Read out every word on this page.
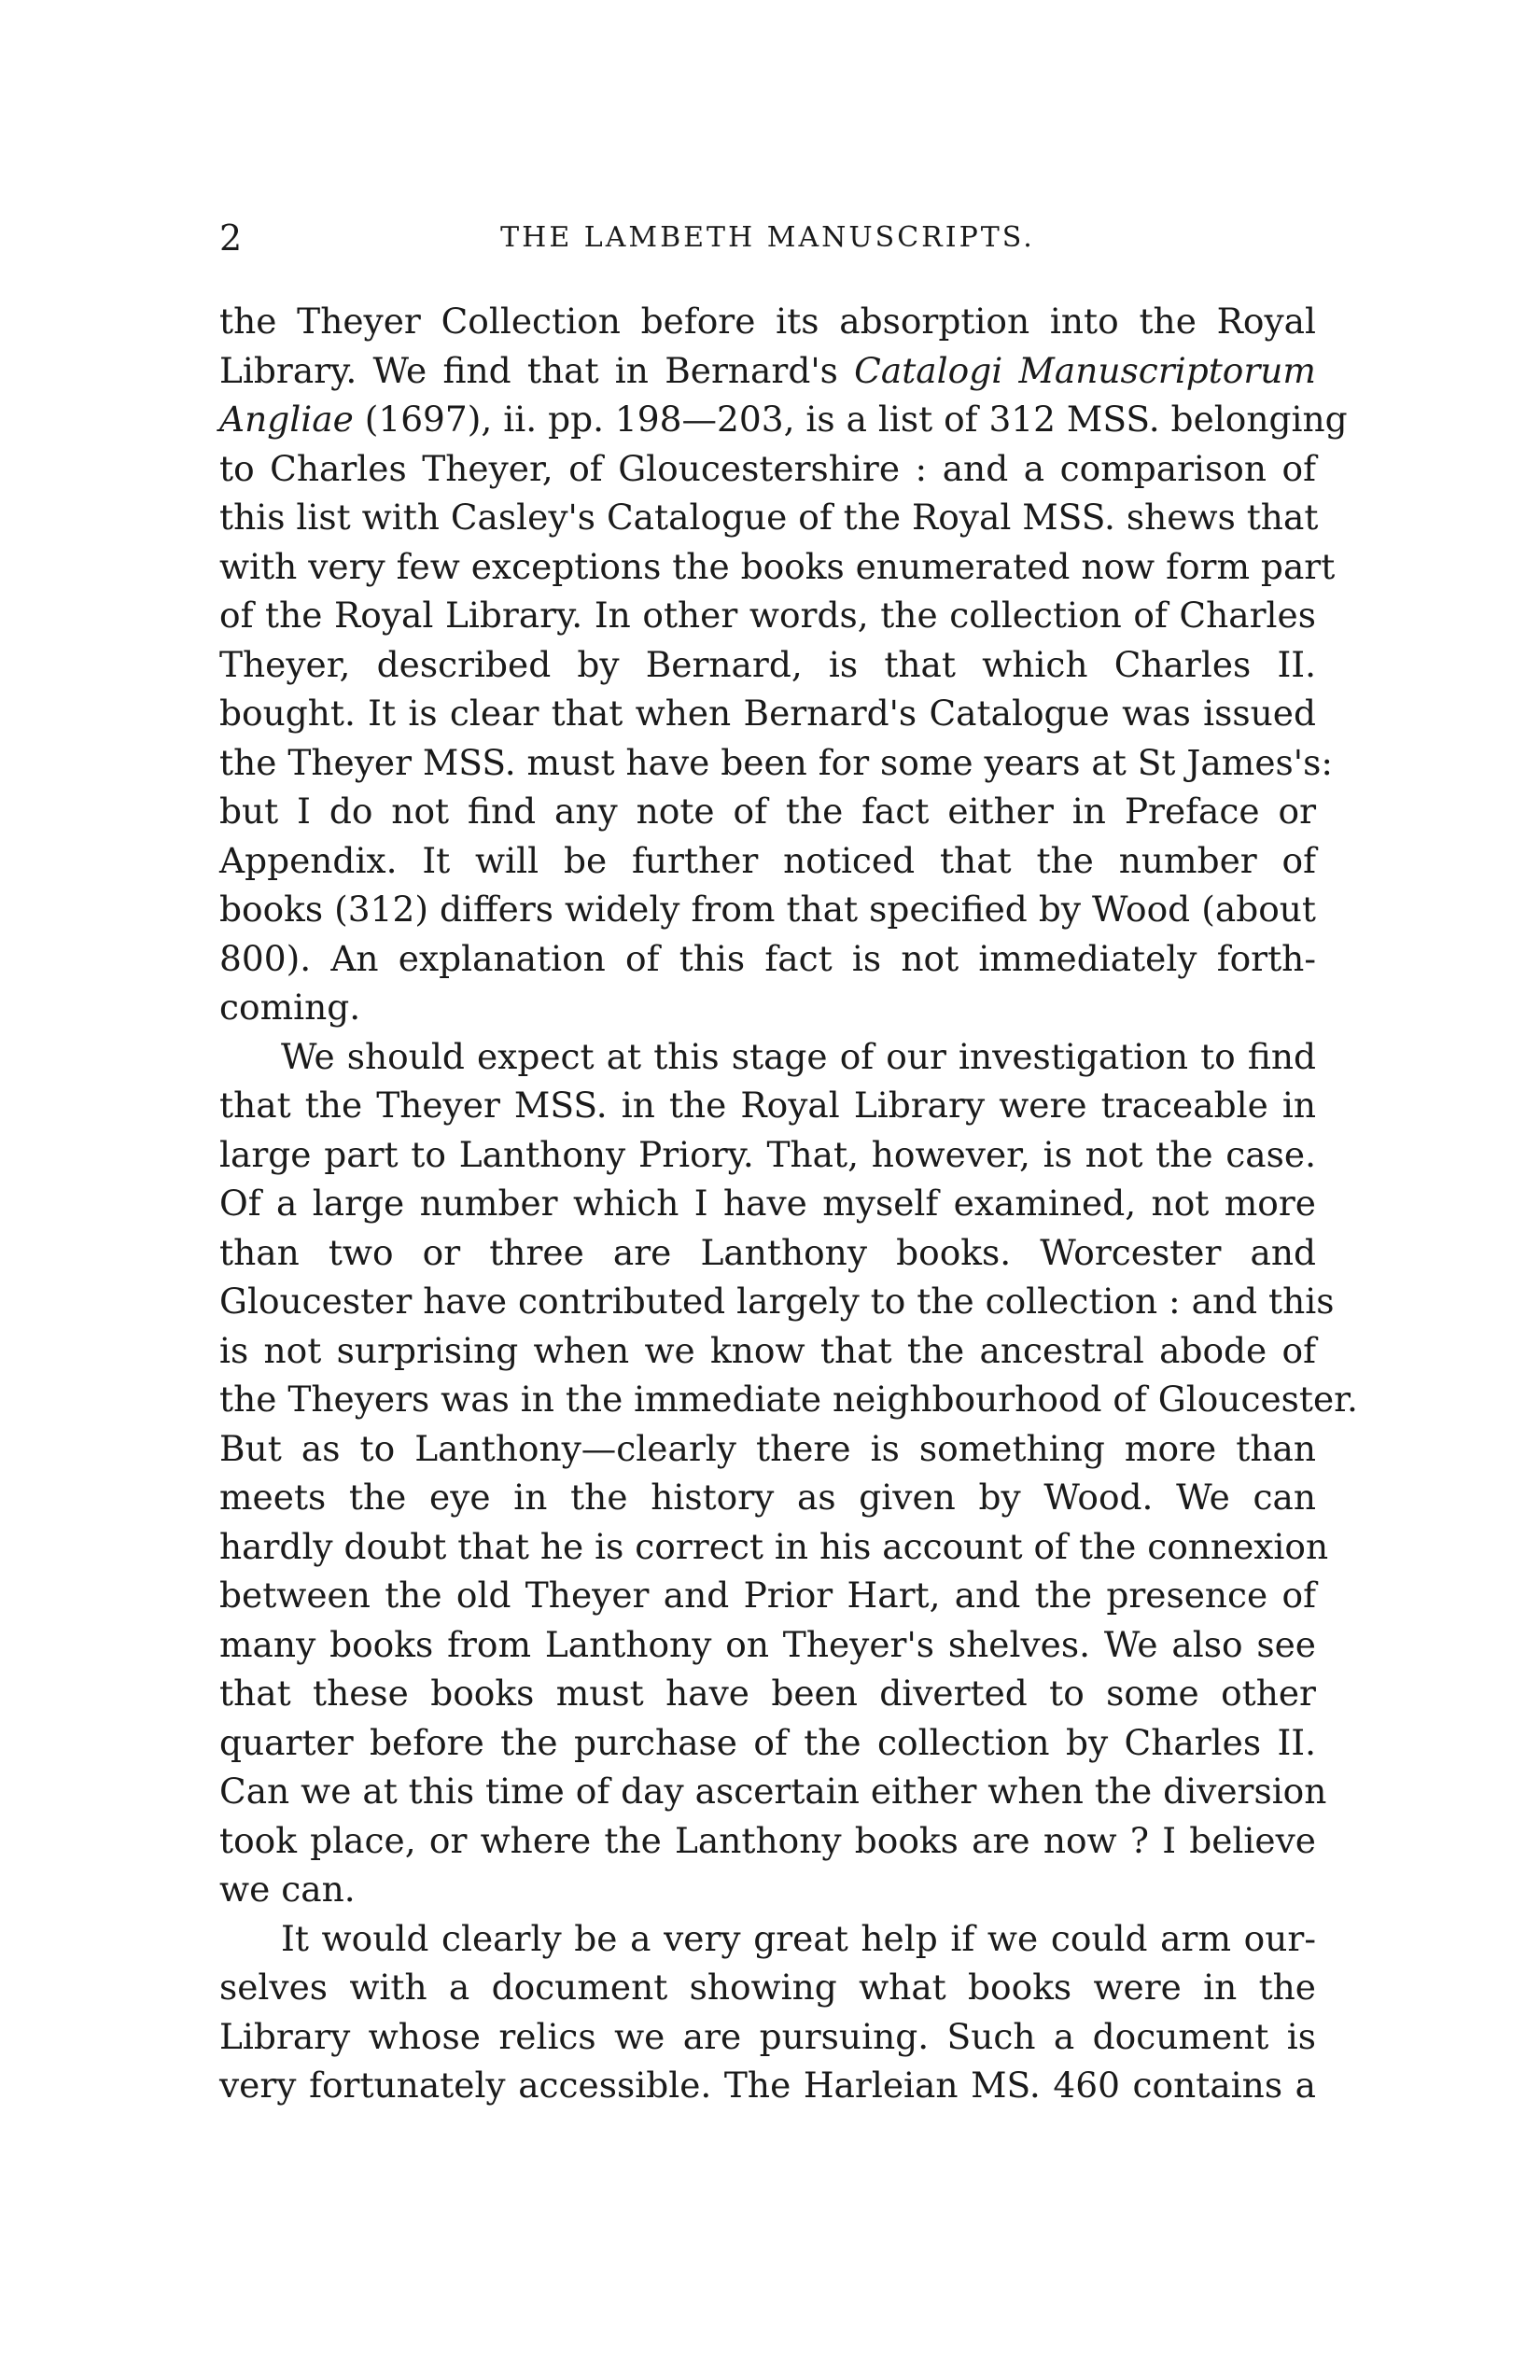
2	THE LAMBETH MANUSCRIPTS.
the Theyer Collection before its absorption into the Royal
Library. We find that in Bernard's Catalogi Manuscriptorum
Angliae (1697), ii. pp. 198—203, is a list of 312 MSS. belonging
to Charles Theyer, of Gloucestershire : and a comparison of
this list with Casley's Catalogue of the Royal MSS. shews that
with very few exceptions the books enumerated now form part
of the Royal Library. In other words, the collection of Charles
Theyer, described by Bernard, is that which Charles II.
bought. It is clear that when Bernard's Catalogue was issued
the Theyer MSS. must have been for some years at St James's:
but I do not find any note of the fact either in Preface or
Appendix. It will be further noticed that the number of
books (312) differs widely from that specified by Wood (about
800). An explanation of this fact is not immediately forth-
coming.
We should expect at this stage of our investigation to find
that the Theyer MSS. in the Royal Library were traceable in
large part to Lanthony Priory. That, however, is not the case.
Of a large number which I have myself examined, not more
than two or three are Lanthony books. Worcester and
Gloucester have contributed largely to the collection : and this
is not surprising when we know that the ancestral abode of
the Theyers was in the immediate neighbourhood of Gloucester.
But as to Lanthony—clearly there is something more than
meets the eye in the history as given by Wood. We can
hardly doubt that he is correct in his account of the connexion
between the old Theyer and Prior Hart, and the presence of
many books from Lanthony on Theyer's shelves. We also see
that these books must have been diverted to some other
quarter before the purchase of the collection by Charles II.
Can we at this time of day ascertain either when the diversion
took place, or where the Lanthony books are now ? I believe
we can.
It would clearly be a very great help if we could arm our-
selves with a document showing what books were in the
Library whose relics we are pursuing. Such a document is
very fortunately accessible. The Harleian MS. 460 contains a
